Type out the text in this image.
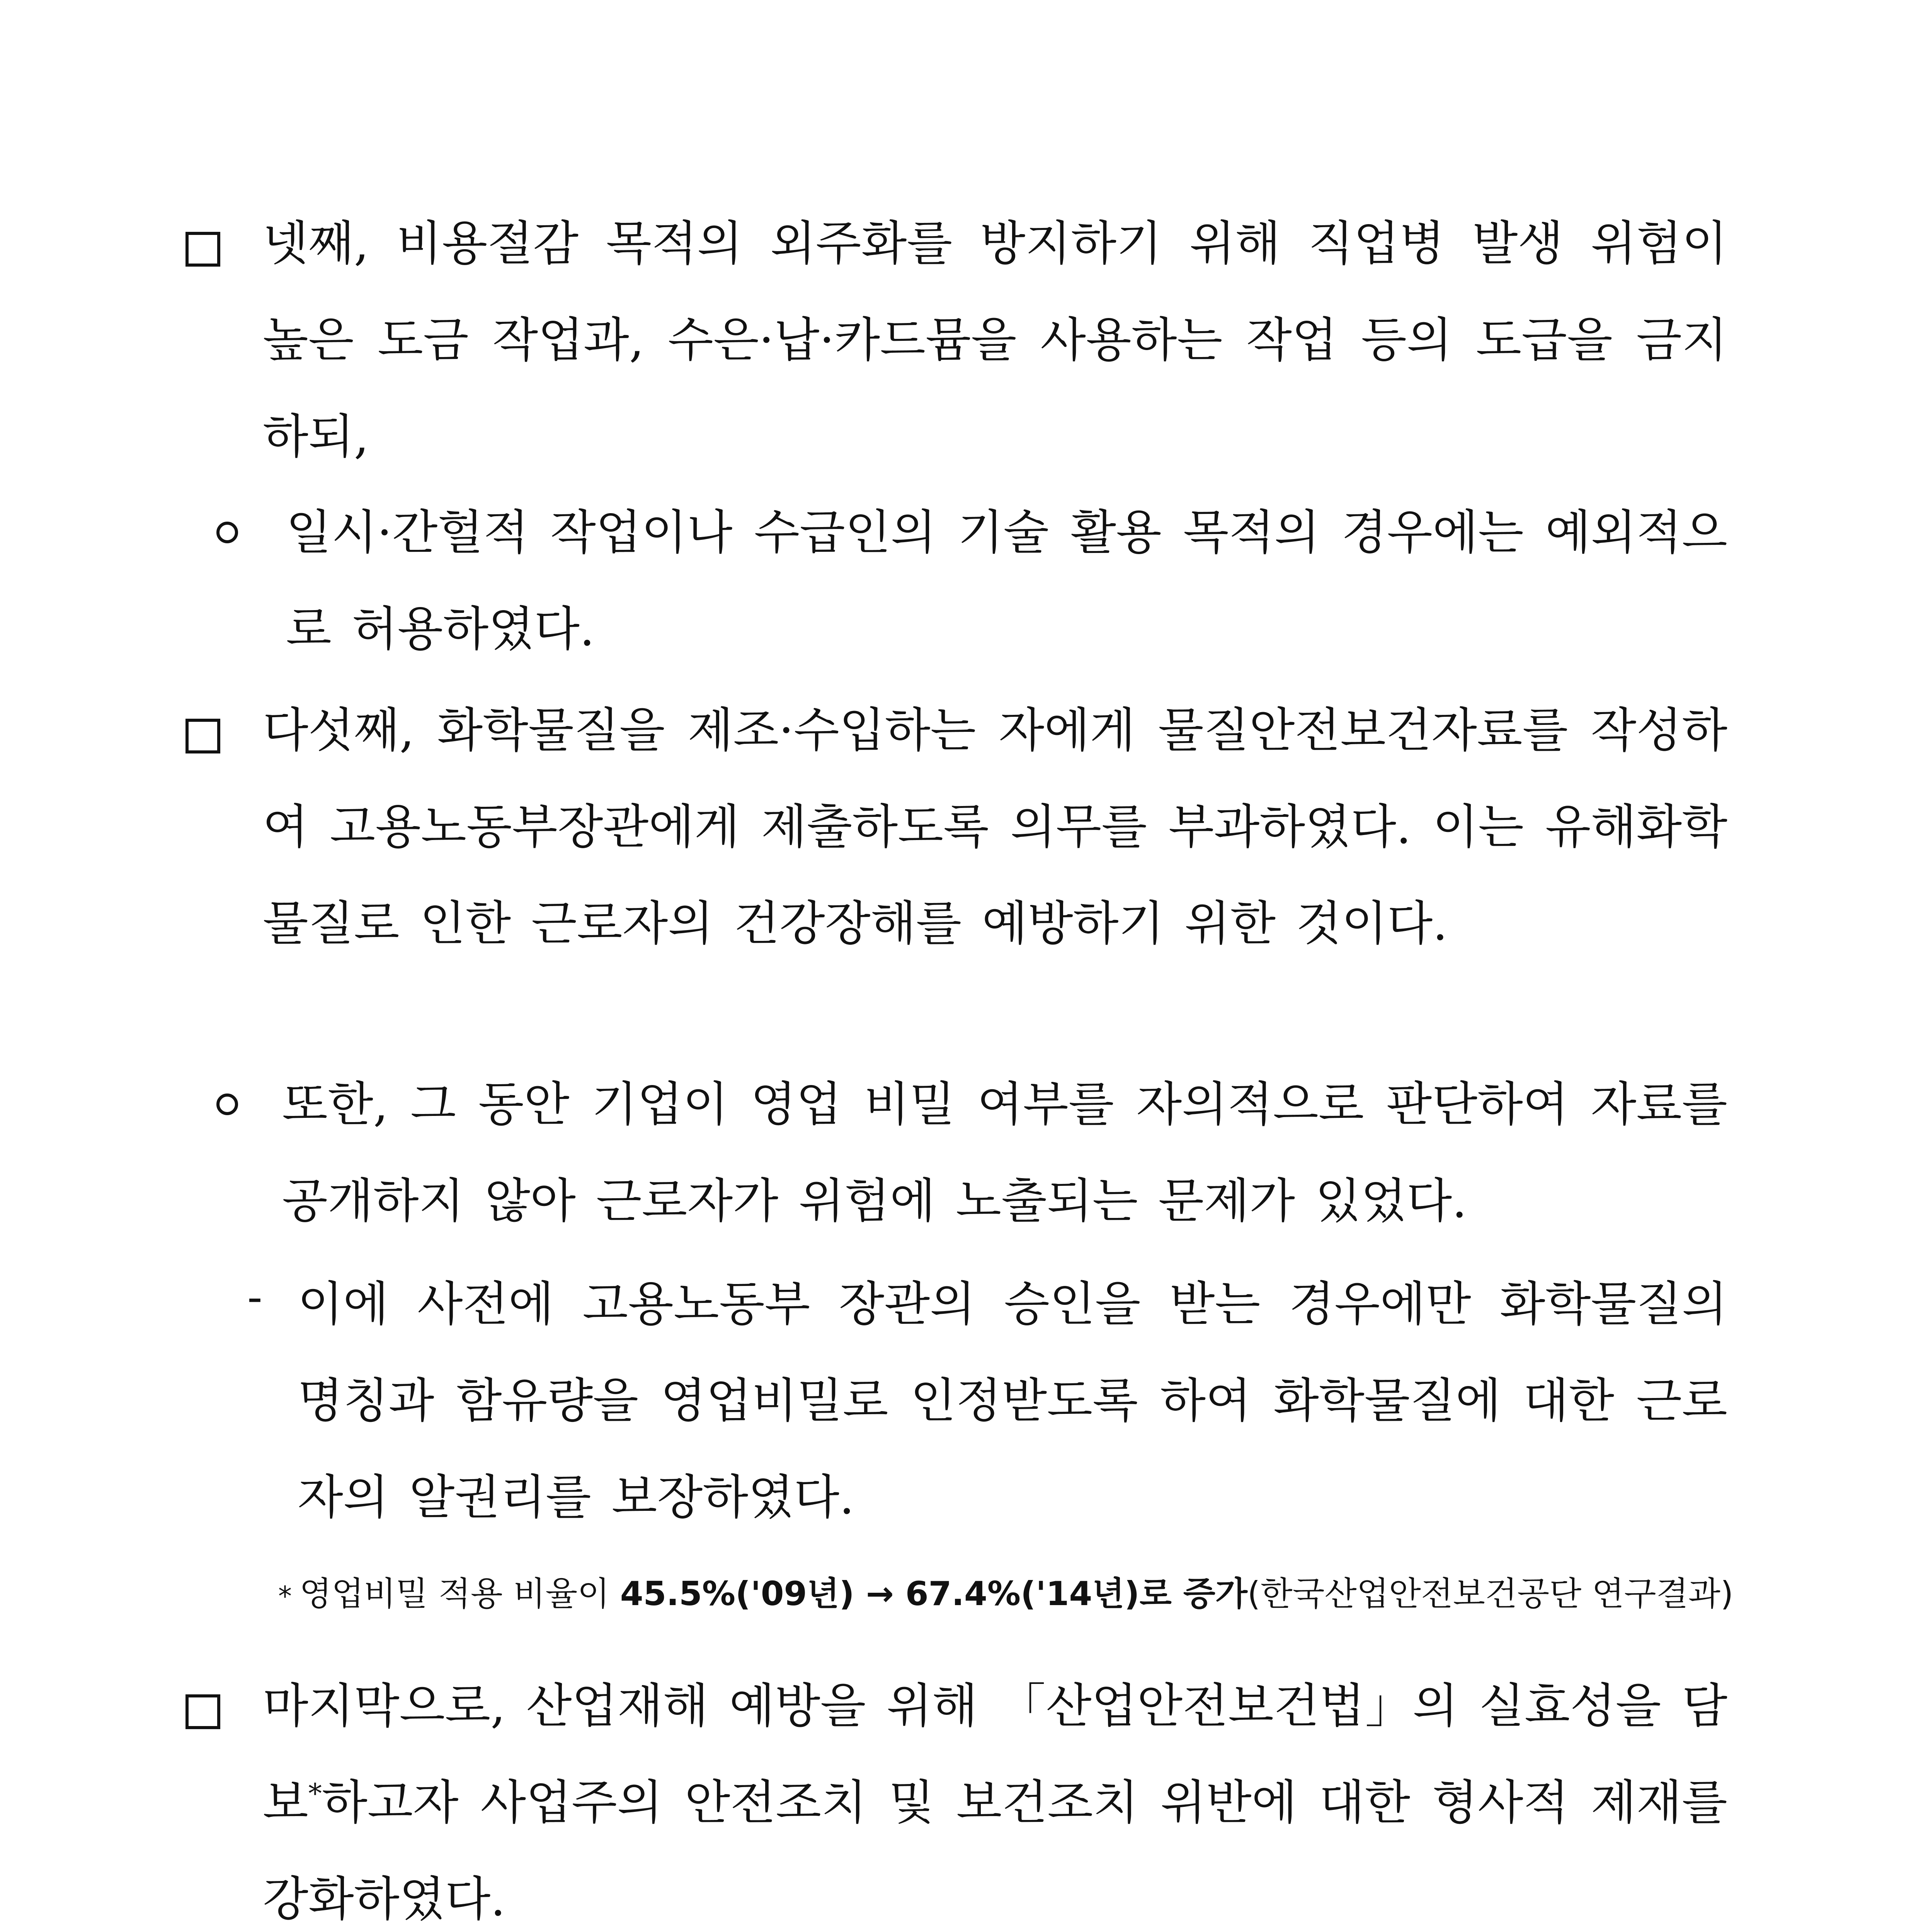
넷째, 비용절감 목적의 외주화를 방지하기 위해 직업병 발생 위험이 높은 도금 작업과, 수은·납·카드뮴을 사용하는 작업 등의 도급을 금지하되,
일시·간헐적 작업이나 수급인의 기술 활용 목적의 경우에는 예외적으로 허용하였다.
다섯째, 화학물질을 제조·수입하는 자에게 물질안전보건자료를 작성하여 고용노동부장관에게 제출하도록 의무를 부과하였다. 이는 유해화학물질로 인한 근로자의 건강장해를 예방하기 위한 것이다.
또한, 그 동안 기업이 영업 비밀 여부를 자의적으로 판단하여 자료를 공개하지 않아 근로자가 위험에 노출되는 문제가 있었다.
- 이에 사전에 고용노동부 장관의 승인을 받는 경우에만 화학물질의 명칭과 함유량을 영업비밀로 인정받도록 하여 화학물질에 대한 근로자의 알권리를 보장하였다.
* 영업비밀 적용 비율이 45.5%('09년) → 67.4%('14년)로 증가(한국산업안전보건공단 연구결과)
마지막으로, 산업재해 예방을 위해 「산업안전보건법」의 실효성을 담보*하고자 사업주의 안전조치 및 보건조치 위반에 대한 형사적 제재를 강화하였다.
